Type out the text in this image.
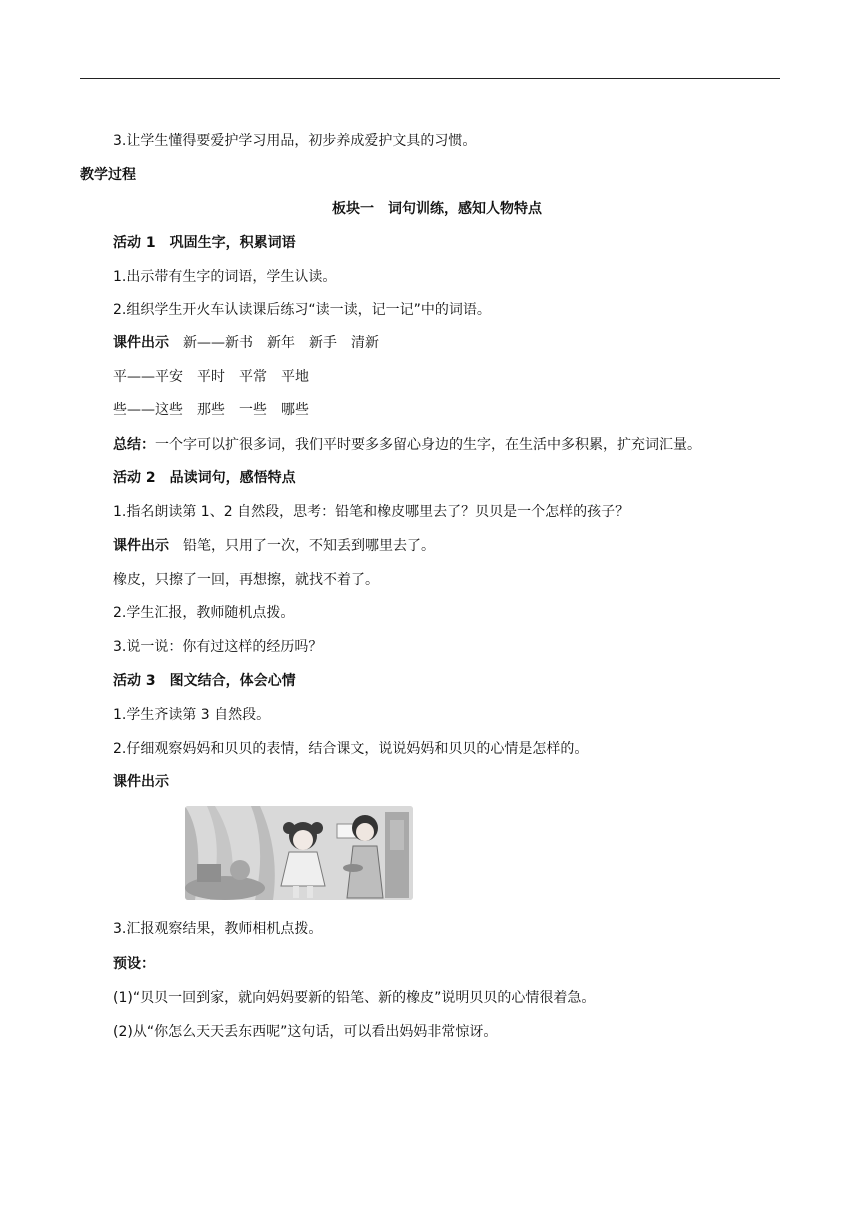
3.让学生懂得要爱护学习用品，初步养成爱护文具的习惯。
教学过程
板块一　词句训练，感知人物特点
活动 1　巩固生字，积累词语
1.出示带有生字的词语，学生认读。
2.组织学生开火车认读课后练习“读一读，记一记”中的词语。
课件出示 新——新书　新年　新手　清新
平——平安　平时　平常　平地
些——这些　那些　一些　哪些
总结：一个字可以扩很多词，我们平时要多多留心身边的生字，在生活中多积累，扩充词汇量。
活动 2　品读词句，感悟特点
1.指名朗读第 1、2 自然段，思考：铅笔和橡皮哪里去了？贝贝是一个怎样的孩子？
课件出示 铅笔，只用了一次，不知丢到哪里去了。
橡皮，只擦了一回，再想擦，就找不着了。
2.学生汇报，教师随机点拨。
3.说一说：你有过这样的经历吗？
活动 3　图文结合，体会心情
1.学生齐读第 3 自然段。
2.仔细观察妈妈和贝贝的表情，结合课文，说说妈妈和贝贝的心情是怎样的。
课件出示
3.汇报观察结果，教师相机点拨。
预设：
(1)“贝贝一回到家，就向妈妈要新的铅笔、新的橡皮”说明贝贝的心情很着急。
(2)从“你怎么天天丢东西呢”这句话，可以看出妈妈非常惊讶。
